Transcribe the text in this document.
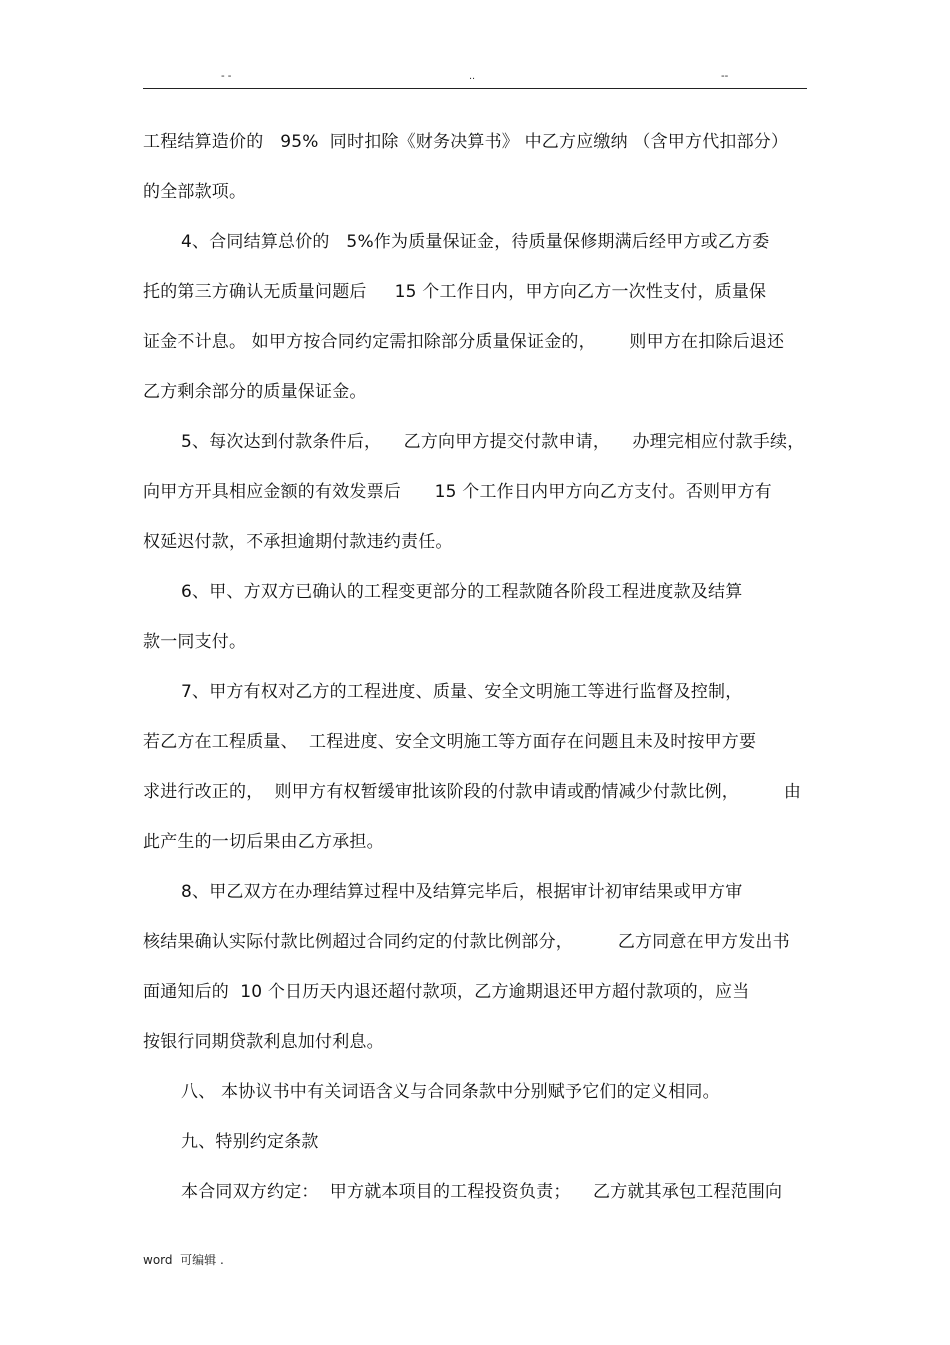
- -	..	--
工程结算造价的   95%  同时扣除《财务决算书》 中乙方应缴纳 （含甲方代扣部分）
的全部款项。
4、合同结算总价的   5%作为质量保证金，待质量保修期满后经甲方或乙方委
托的第三方确认无质量问题后     15 个工作日内，甲方向乙方一次性支付，质量保
证金不计息。 如甲方按合同约定需扣除部分质量保证金的，      则甲方在扣除后退还
乙方剩余部分的质量保证金。
5、每次达到付款条件后，    乙方向甲方提交付款申请，    办理完相应付款手续，
向甲方开具相应金额的有效发票后      15 个工作日内甲方向乙方支付。否则甲方有
权延迟付款，不承担逾期付款违约责任。
6、甲、方双方已确认的工程变更部分的工程款随各阶段工程进度款及结算
款一同支付。
7、甲方有权对乙方的工程进度、质量、安全文明施工等进行监督及控制，
若乙方在工程质量、  工程进度、安全文明施工等方面存在问题且未及时按甲方要
求进行改正的，  则甲方有权暂缓审批该阶段的付款申请或酌情减少付款比例，        由
此产生的一切后果由乙方承担。
8、甲乙双方在办理结算过程中及结算完毕后，根据审计初审结果或甲方审
核结果确认实际付款比例超过合同约定的付款比例部分，        乙方同意在甲方发出书
面通知后的  10 个日历天内退还超付款项，乙方逾期退还甲方超付款项的，应当
按银行同期贷款利息加付利息。
八、 本协议书中有关词语含义与合同条款中分别赋予它们的定义相同。
九、特别约定条款
本合同双方约定：  甲方就本项目的工程投资负责；    乙方就其承包工程范围向
word  可编辑 .
